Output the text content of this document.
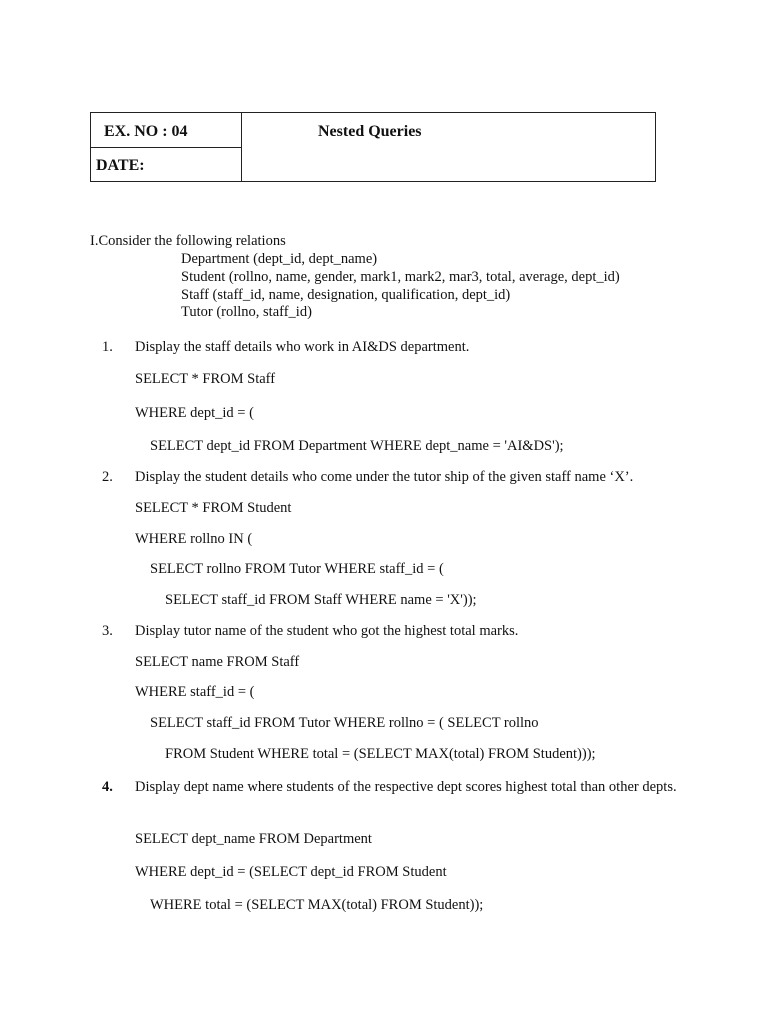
EX. NO : 04
DATE:
Nested Queries
I.Consider the following relations
Department (dept_id, dept_name)
Student (rollno, name, gender, mark1, mark2, mar3, total, average, dept_id)
Staff (staff_id, name, designation, qualification, dept_id)
Tutor (rollno, staff_id)
1. Display the staff details who work in AI&DS department.
SELECT * FROM Staff
WHERE dept_id = (
SELECT dept_id FROM Department WHERE dept_name = 'AI&DS');
2. Display the student details who come under the tutor ship of the given staff name ‘X’.
SELECT * FROM Student
WHERE rollno IN (
SELECT rollno FROM Tutor WHERE staff_id = (
SELECT staff_id FROM Staff WHERE name = 'X'));
3. Display tutor name of the student who got the highest total marks.
SELECT name FROM Staff
WHERE staff_id = (
SELECT staff_id FROM Tutor WHERE rollno = ( SELECT rollno
FROM Student WHERE total = (SELECT MAX(total) FROM Student)));
4. Display dept name where students of the respective dept scores highest total than other depts.
SELECT dept_name FROM Department
WHERE dept_id = (SELECT dept_id FROM Student
WHERE total = (SELECT MAX(total) FROM Student));
